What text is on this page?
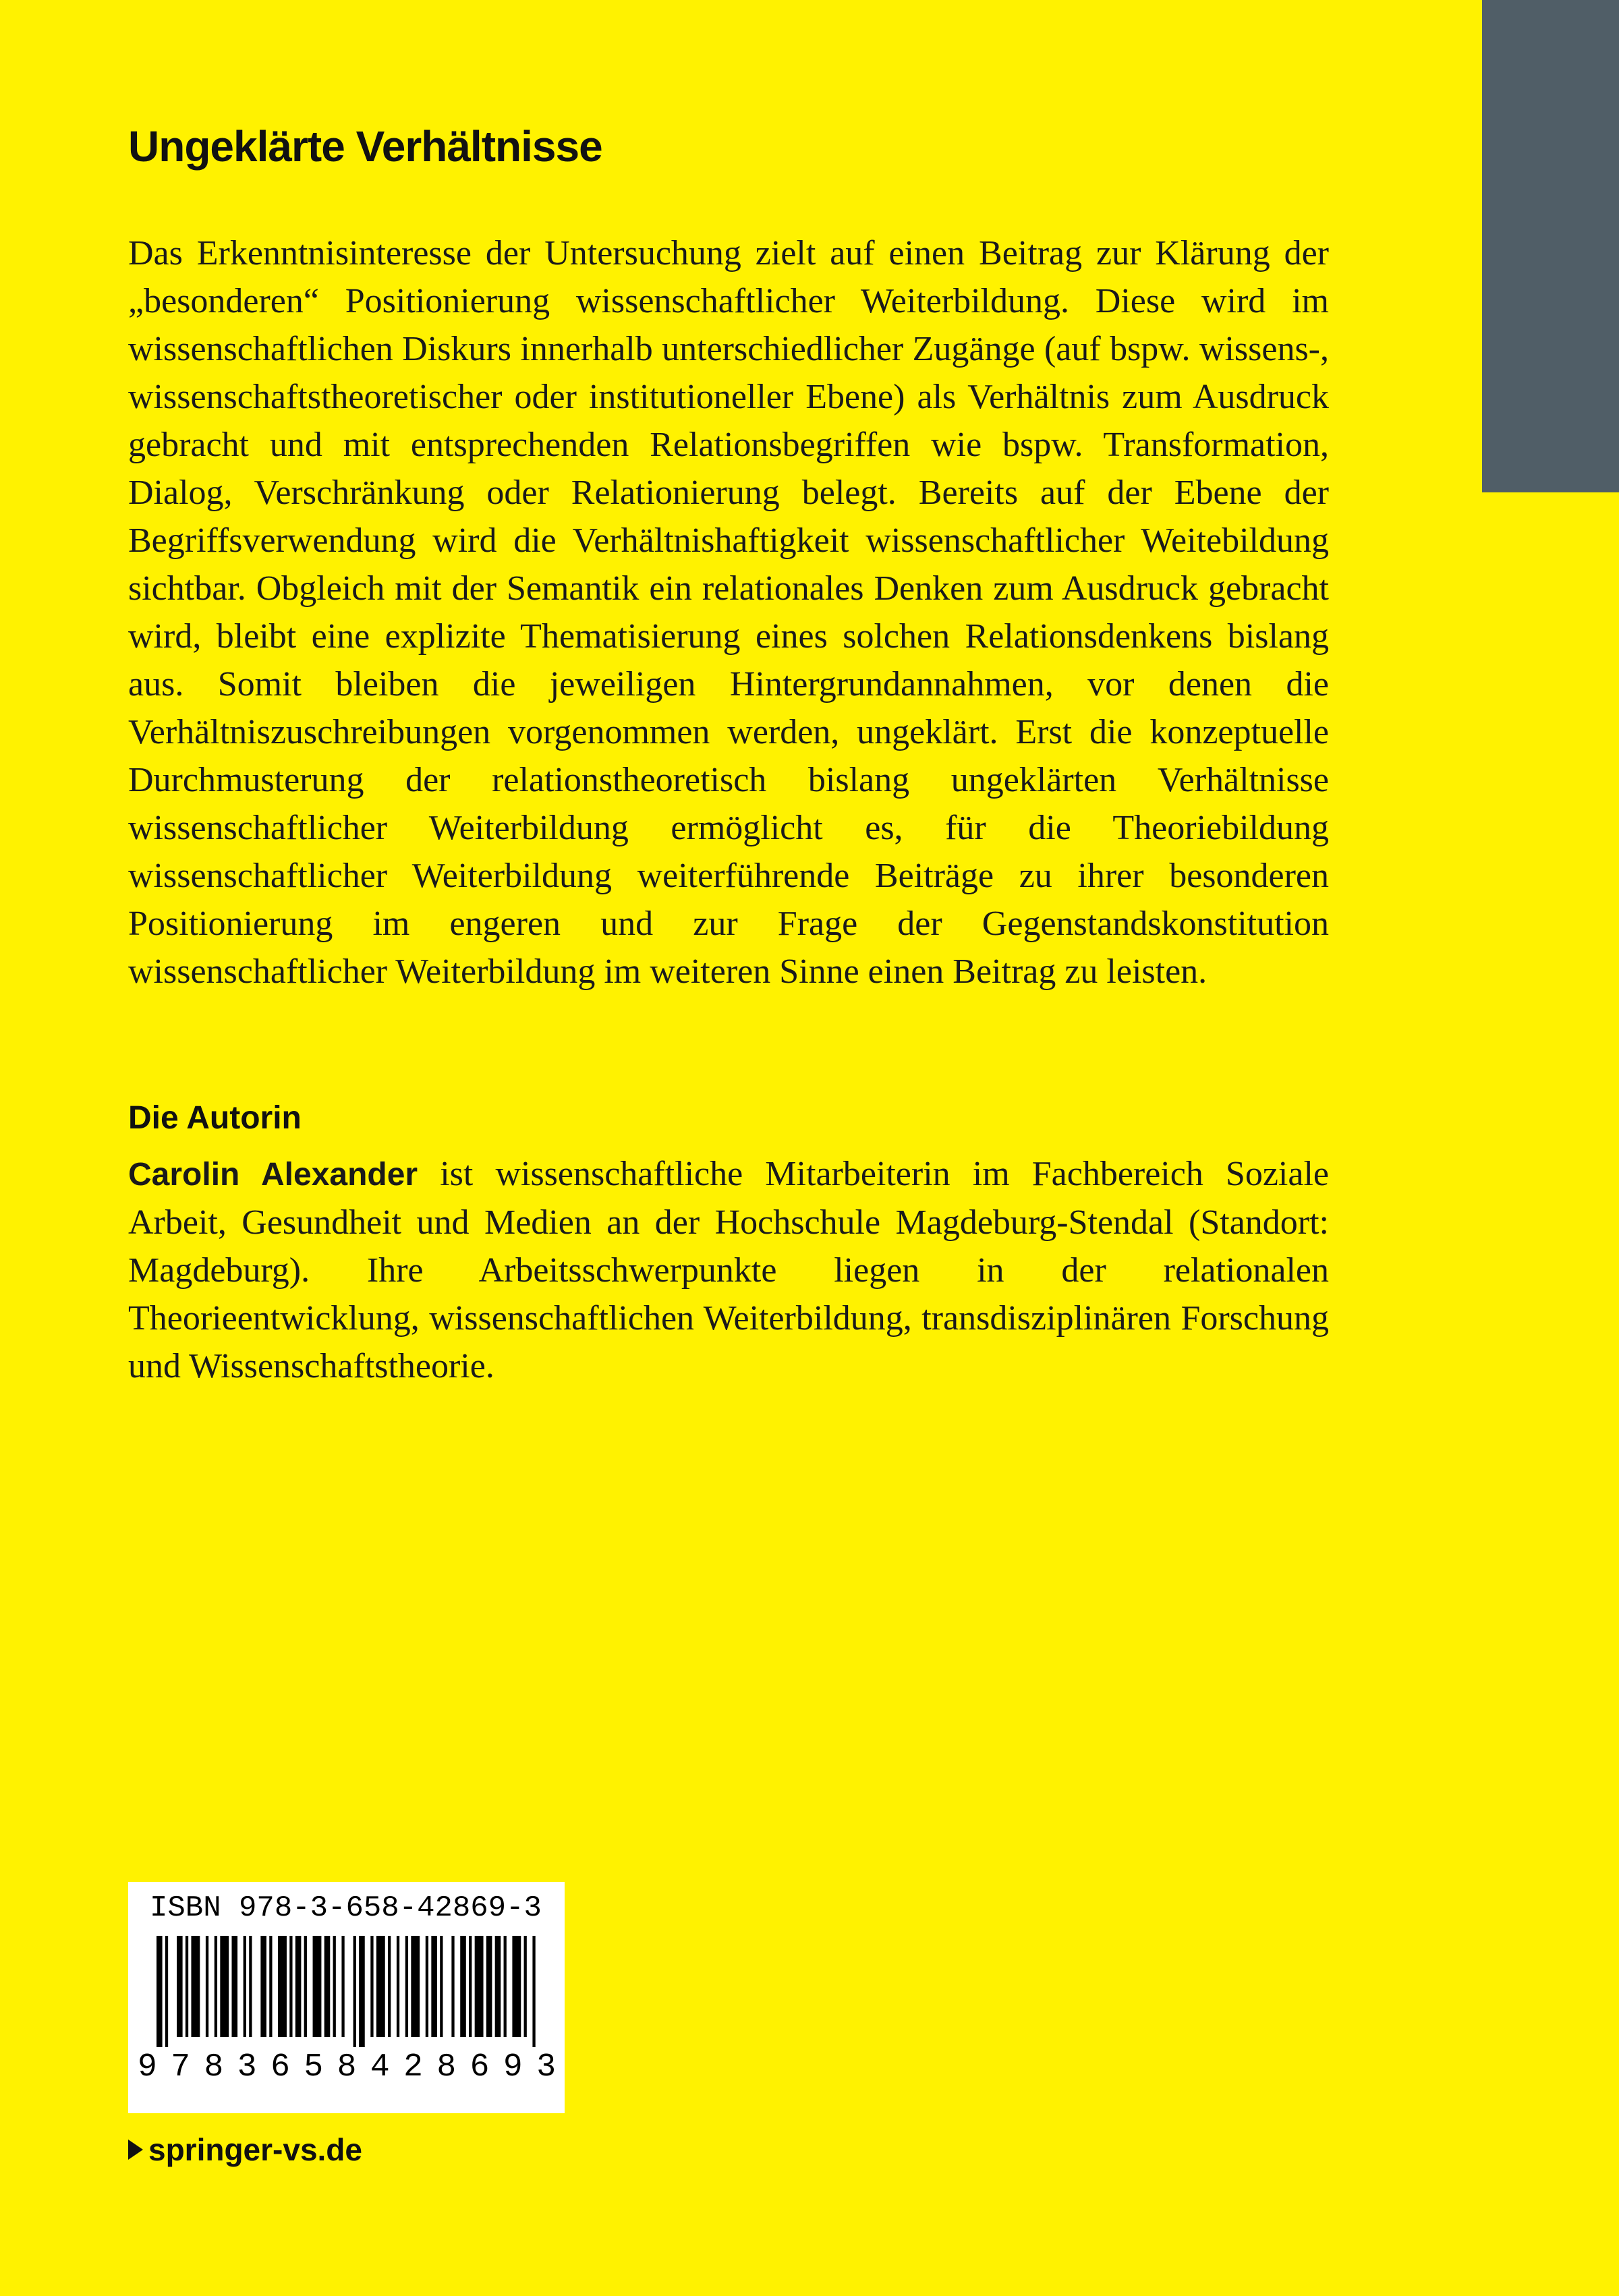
Ungeklärte Verhältnisse

Das Erkenntnisinteresse der Untersuchung zielt auf einen Beitrag zur Klärung der „besonderen“ Positionierung wissenschaftlicher Weiterbildung. Diese wird im wissenschaftlichen Diskurs innerhalb unterschiedlicher Zugänge (auf bspw. wissens-, wissenschaftstheoretischer oder institutioneller Ebene) als Verhältnis zum Ausdruck gebracht und mit entsprechenden Relationsbegriffen wie bspw. Transformation, Dialog, Verschränkung oder Relationierung belegt. Bereits auf der Ebene der Begriffsverwendung wird die Verhältnishaftigkeit wissenschaftlicher Weitebildung sichtbar. Obgleich mit der Semantik ein relationales Denken zum Ausdruck gebracht wird, bleibt eine explizite Thematisierung eines solchen Relationsdenkens bislang aus. Somit bleiben die jeweiligen Hintergrundannahmen, vor denen die Verhältniszuschreibungen vorgenommen werden, ungeklärt. Erst die konzeptuelle Durchmusterung der relationstheoretisch bislang ungeklärten Verhältnisse wissenschaftlicher Weiterbildung ermöglicht es, für die Theoriebildung wissenschaftlicher Weiterbildung weiterführende Beiträge zu ihrer besonderen Positionierung im engeren und zur Frage der Gegenstandskonstitution wissenschaftlicher Weiterbildung im weiteren Sinne einen Beitrag zu leisten.

Die Autorin

Carolin Alexander ist wissenschaftliche Mitarbeiterin im Fachbereich Soziale Arbeit, Gesundheit und Medien an der Hochschule Magdeburg-Stendal (Standort: Magdeburg). Ihre Arbeitsschwerpunkte liegen in der relationalen Theorieentwicklung, wissenschaftlichen Weiterbildung, transdisziplinären Forschung und Wissenschaftstheorie.

ISBN 978-3-658-42869-3
9 7 8 3 6 5 8 4 2 8 6 9 3
springer-vs.de
